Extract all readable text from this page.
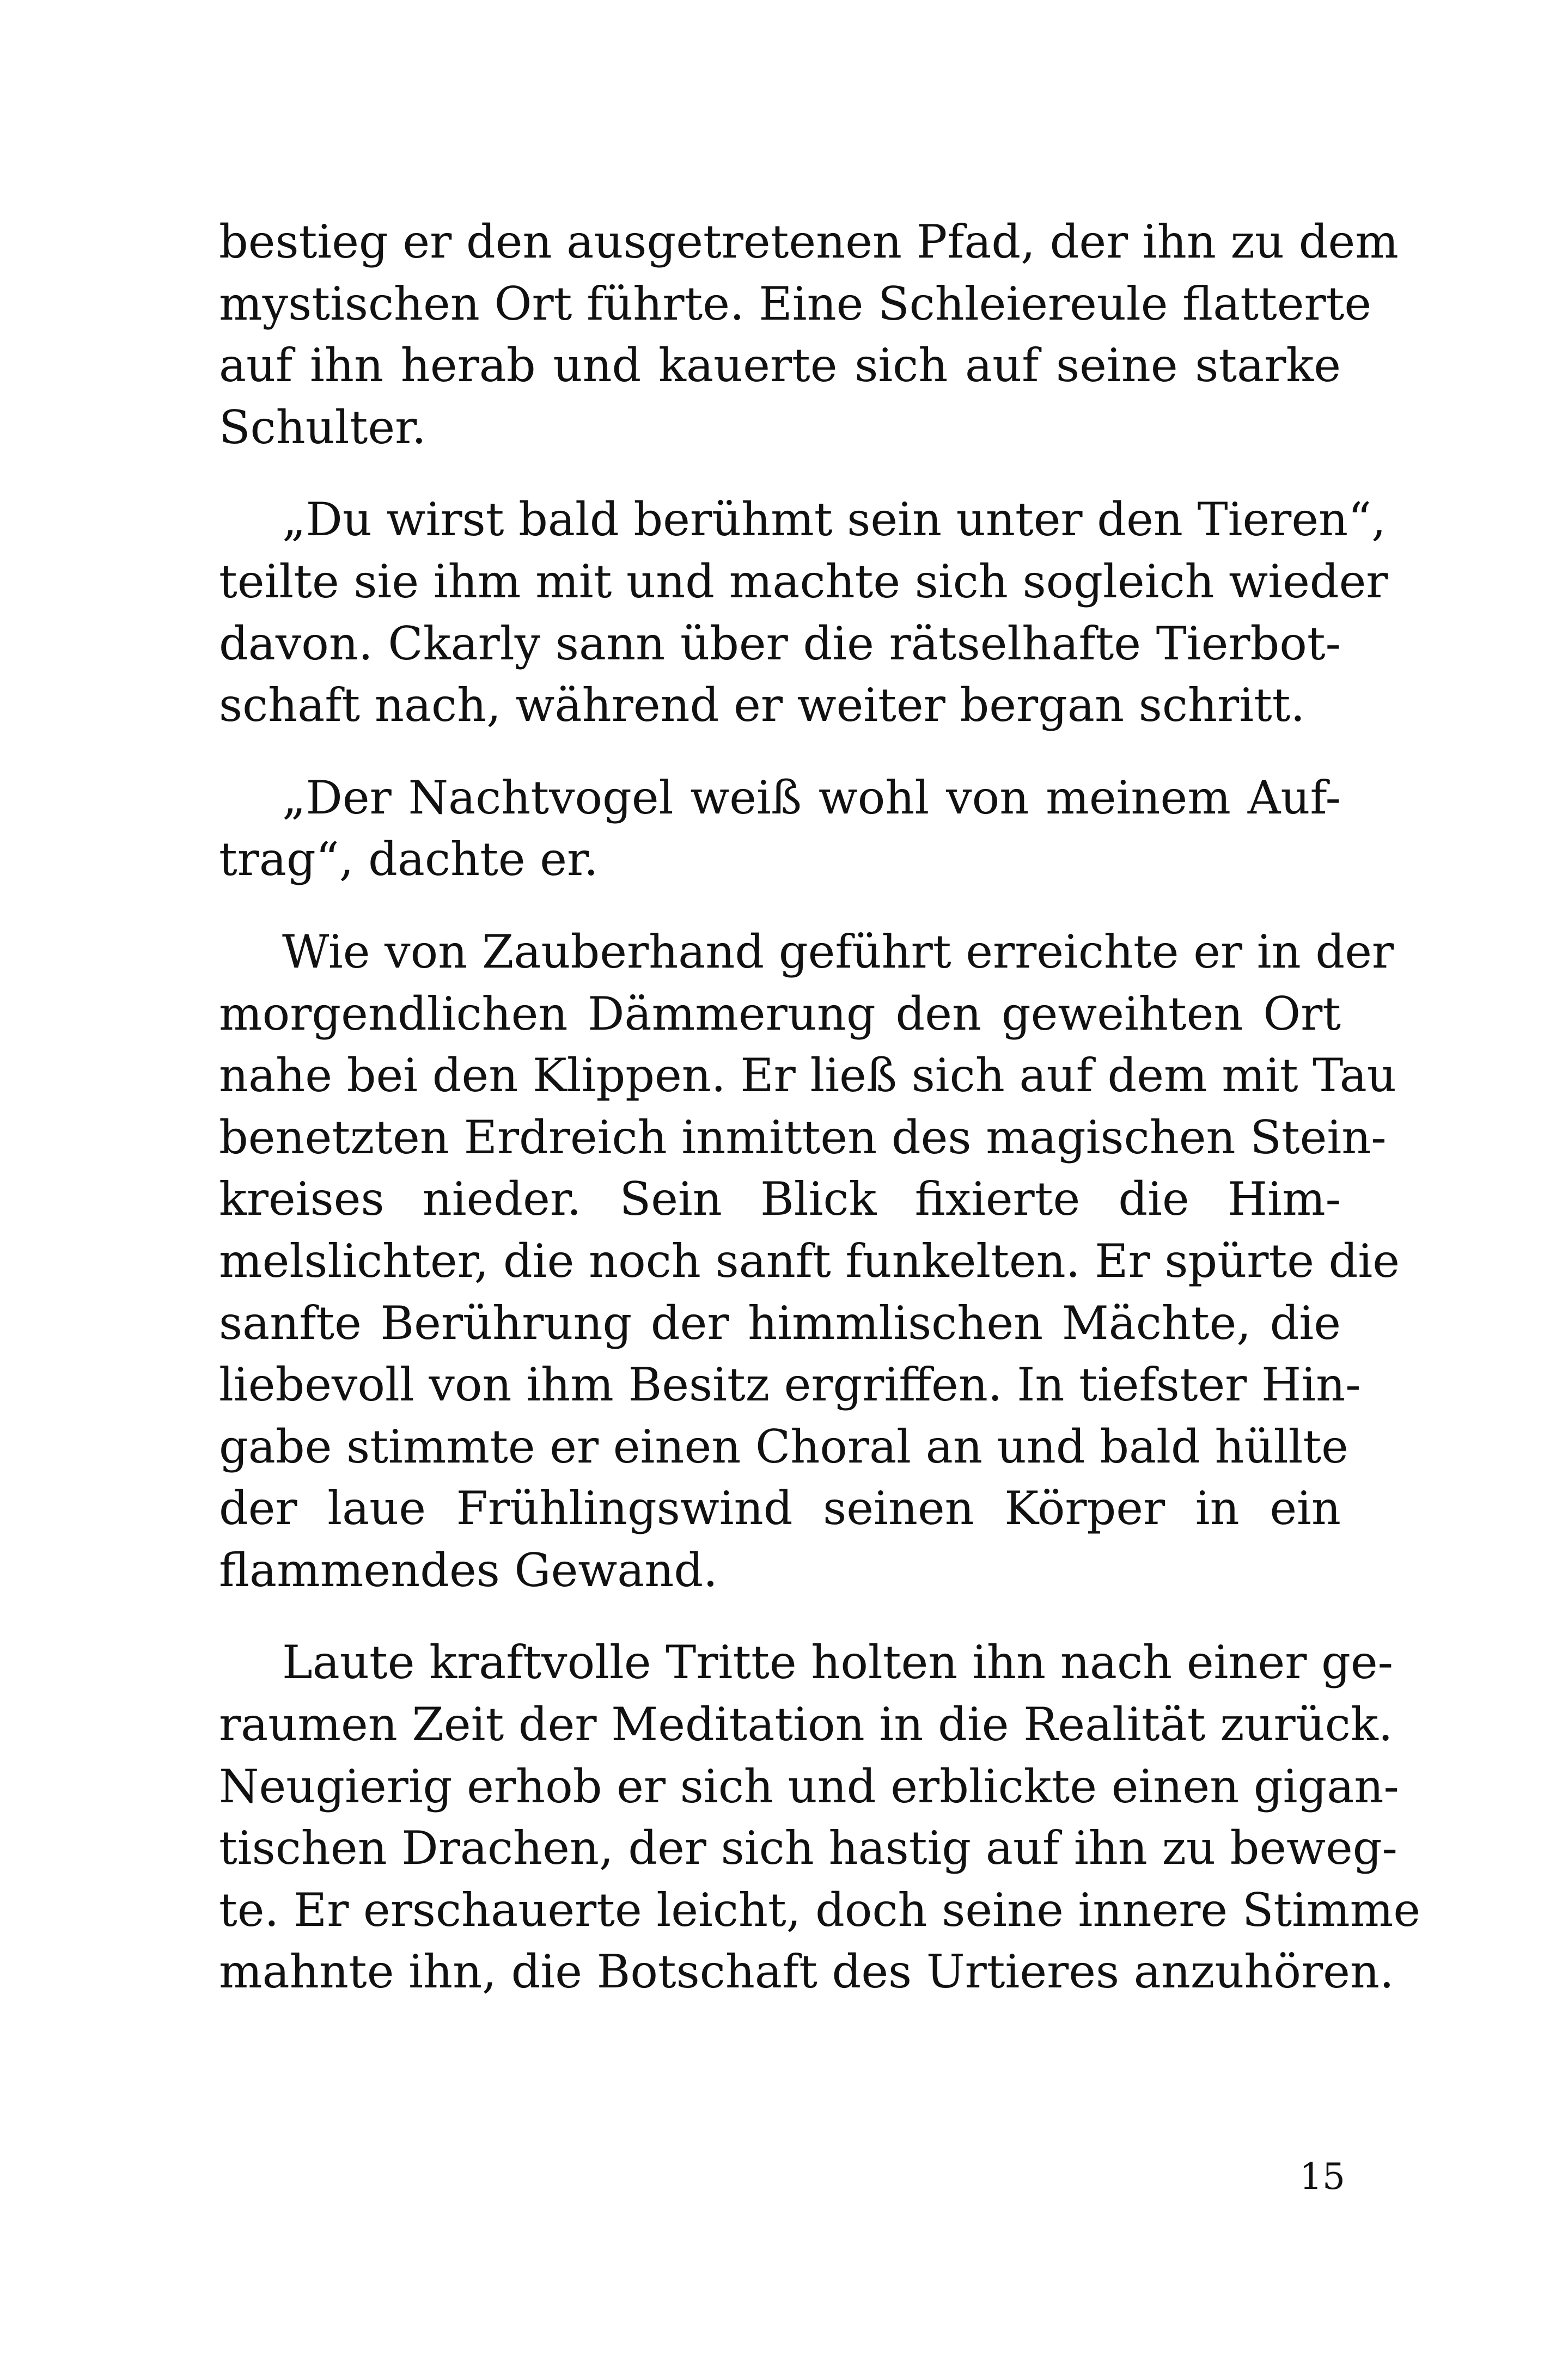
bestieg er den ausgetretenen Pfad, der ihn zu dem
mystischen Ort führte. Eine Schleiereule flatterte
auf ihn herab und kauerte sich auf seine starke
Schulter.

„Du wirst bald berühmt sein unter den Tieren“,
teilte sie ihm mit und machte sich sogleich wieder
davon. Ckarly sann über die rätselhafte Tierbot-
schaft nach, während er weiter bergan schritt.

„Der Nachtvogel weiß wohl von meinem Auf-
trag“, dachte er.

Wie von Zauberhand geführt erreichte er in der
morgendlichen Dämmerung den geweihten Ort
nahe bei den Klippen. Er ließ sich auf dem mit Tau
benetzten Erdreich inmitten des magischen Stein-
kreises nieder. Sein Blick fixierte die Him-
melslichter, die noch sanft funkelten. Er spürte die
sanfte Berührung der himmlischen Mächte, die
liebevoll von ihm Besitz ergriffen. In tiefster Hin-
gabe stimmte er einen Choral an und bald hüllte
der laue Frühlingswind seinen Körper in ein
flammendes Gewand.

Laute kraftvolle Tritte holten ihn nach einer ge-
raumen Zeit der Meditation in die Realität zurück.
Neugierig erhob er sich und erblickte einen gigan-
tischen Drachen, der sich hastig auf ihn zu beweg-
te. Er erschauerte leicht, doch seine innere Stimme
mahnte ihn, die Botschaft des Urtieres anzuhören.

15
